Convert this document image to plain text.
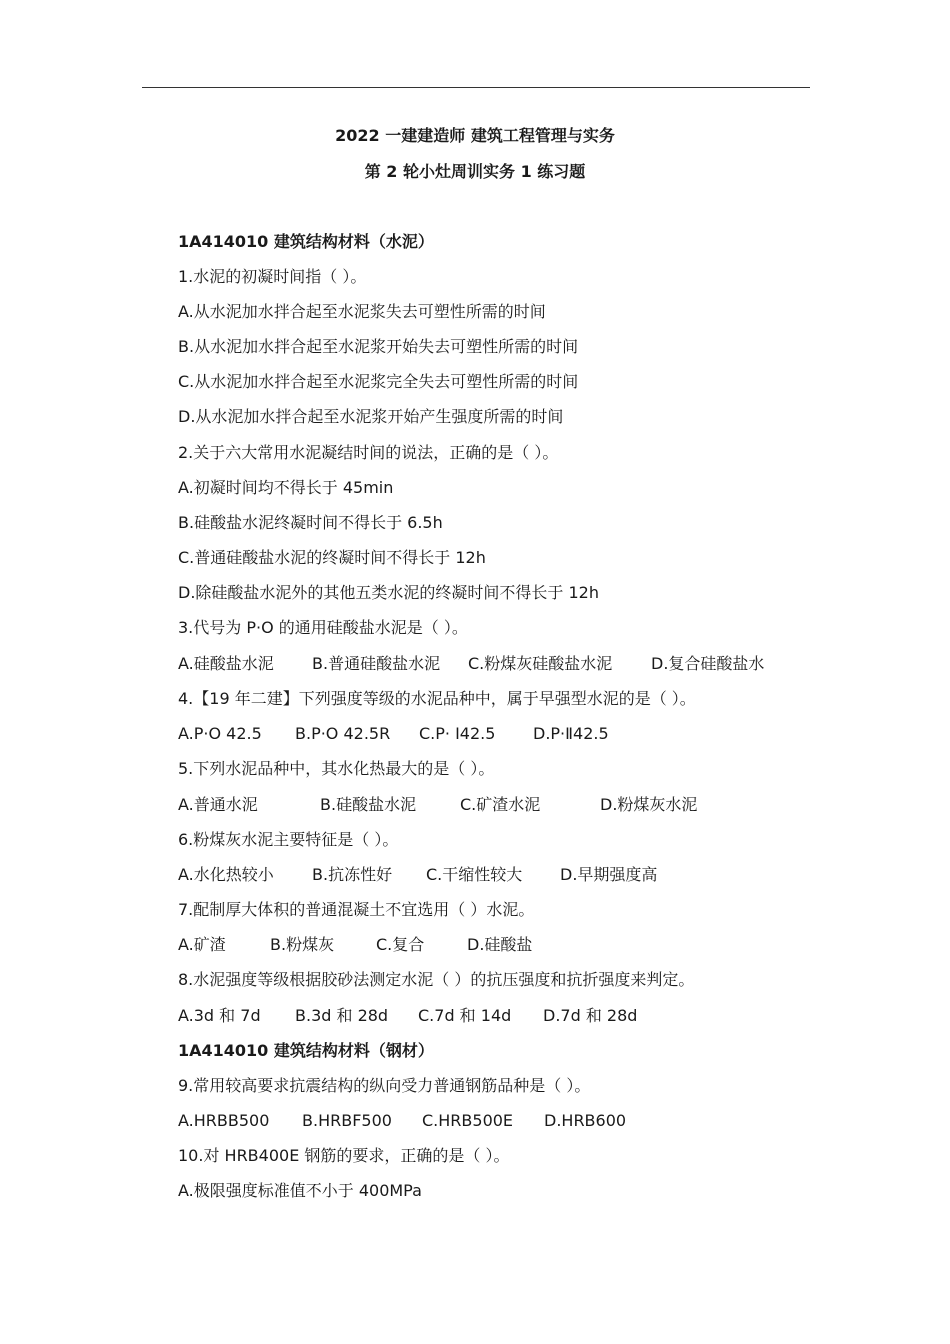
2022 一建建造师 建筑工程管理与实务
第 2 轮小灶周训实务 1 练习题
1A414010 建筑结构材料（水泥）
1.水泥的初凝时间指（ ）。
A.从水泥加水拌合起至水泥浆失去可塑性所需的时间
B.从水泥加水拌合起至水泥浆开始失去可塑性所需的时间
C.从水泥加水拌合起至水泥浆完全失去可塑性所需的时间
D.从水泥加水拌合起至水泥浆开始产生强度所需的时间
2.关于六大常用水泥凝结时间的说法，正确的是（ ）。
A.初凝时间均不得长于 45min
B.硅酸盐水泥终凝时间不得长于 6.5h
C.普通硅酸盐水泥的终凝时间不得长于 12h
D.除硅酸盐水泥外的其他五类水泥的终凝时间不得长于 12h
3.代号为 P·O 的通用硅酸盐水泥是（ ）。
A.硅酸盐水泥 B.普通硅酸盐水泥 C.粉煤灰硅酸盐水泥 D.复合硅酸盐水
4.【19 年二建】下列强度等级的水泥品种中，属于早强型水泥的是（ ）。
A.P·O 42.5 B.P·O 42.5R C.P· Ⅰ42.5 D.P·Ⅱ42.5
5.下列水泥品种中，其水化热最大的是（ ）。
A.普通水泥	B.硅酸盐水泥	C.矿渣水泥	D.粉煤灰水泥
6.粉煤灰水泥主要特征是（ ）。
A.水化热较小 B.抗冻性好 C.干缩性较大 D.早期强度高
7.配制厚大体积的普通混凝土不宜选用（ ）水泥。
A.矿渣	B.粉煤灰	C.复合	D.硅酸盐
8.水泥强度等级根据胶砂法测定水泥（ ）的抗压强度和抗折强度来判定。
A.3d 和 7d B.3d 和 28d C.7d 和 14d D.7d 和 28d
1A414010 建筑结构材料（钢材）
9.常用较高要求抗震结构的纵向受力普通钢筋品种是（ ）。
A.HRBB500 B.HRBF500 C.HRB500E D.HRB600
10.对 HRB400E 钢筋的要求，正确的是（ ）。
A.极限强度标准值不小于 400MPa
